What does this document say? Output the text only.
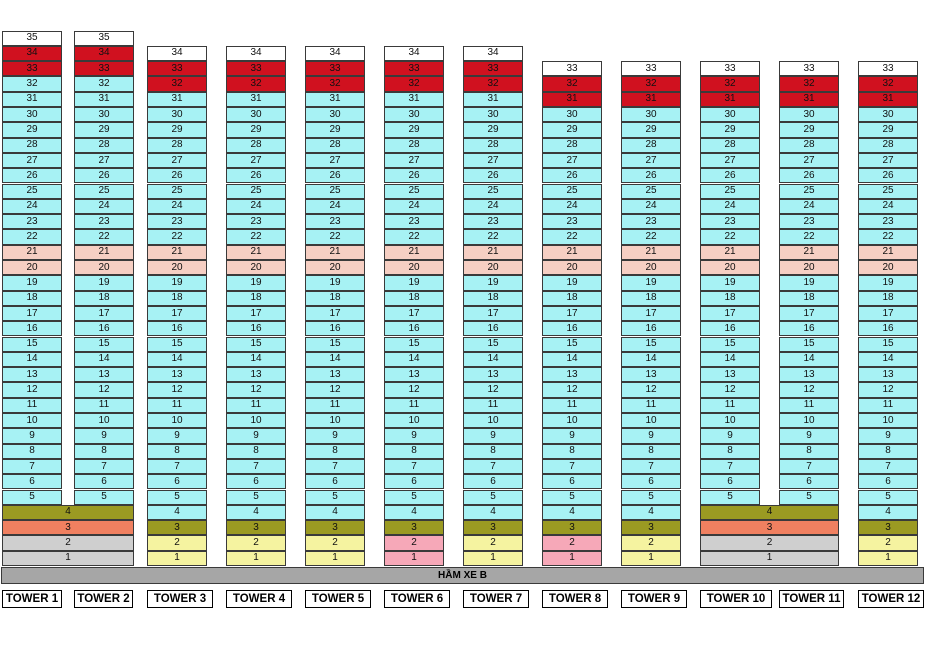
HẦM XE B
1
2
3
4
5
6
7
8
9
10
11
12
13
14
15
16
17
18
19
20
21
22
23
24
25
26
27
28
29
30
31
32
33
34
35
TOWER 1
5
6
7
8
9
10
11
12
13
14
15
16
17
18
19
20
21
22
23
24
25
26
27
28
29
30
31
32
33
34
35
TOWER 2
1
2
3
4
5
6
7
8
9
10
11
12
13
14
15
16
17
18
19
20
21
22
23
24
25
26
27
28
29
30
31
32
33
34
TOWER 3
1
2
3
4
5
6
7
8
9
10
11
12
13
14
15
16
17
18
19
20
21
22
23
24
25
26
27
28
29
30
31
32
33
34
TOWER 4
1
2
3
4
5
6
7
8
9
10
11
12
13
14
15
16
17
18
19
20
21
22
23
24
25
26
27
28
29
30
31
32
33
34
TOWER 5
1
2
3
4
5
6
7
8
9
10
11
12
13
14
15
16
17
18
19
20
21
22
23
24
25
26
27
28
29
30
31
32
33
34
TOWER 6
1
2
3
4
5
6
7
8
9
10
11
12
13
14
15
16
17
18
19
20
21
22
23
24
25
26
27
28
29
30
31
32
33
34
TOWER 7
1
2
3
4
5
6
7
8
9
10
11
12
13
14
15
16
17
18
19
20
21
22
23
24
25
26
27
28
29
30
31
32
33
TOWER 8
1
2
3
4
5
6
7
8
9
10
11
12
13
14
15
16
17
18
19
20
21
22
23
24
25
26
27
28
29
30
31
32
33
TOWER 9
1
2
3
4
5
6
7
8
9
10
11
12
13
14
15
16
17
18
19
20
21
22
23
24
25
26
27
28
29
30
31
32
33
TOWER 10
5
6
7
8
9
10
11
12
13
14
15
16
17
18
19
20
21
22
23
24
25
26
27
28
29
30
31
32
33
TOWER 11
1
2
3
4
5
6
7
8
9
10
11
12
13
14
15
16
17
18
19
20
21
22
23
24
25
26
27
28
29
30
31
32
33
TOWER 12
